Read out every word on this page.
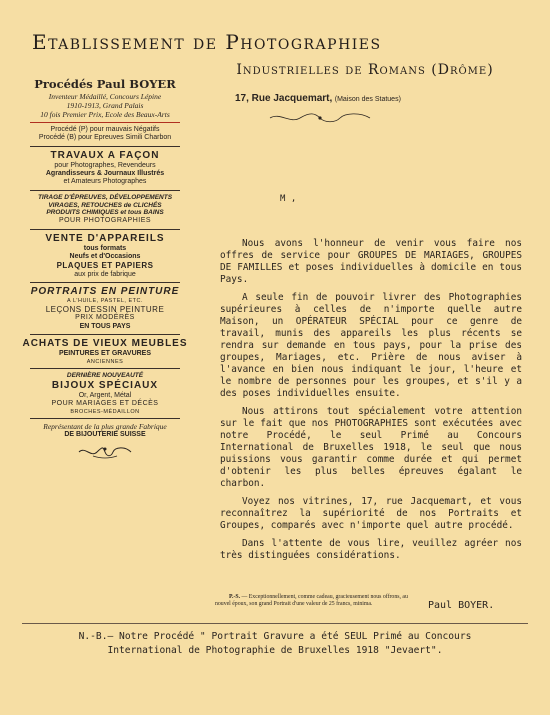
Etablissement de Photographies
Industrielles de Romans (Drôme)
17, Rue Jacquemart, (Maison des Statues)

Procédés Paul BOYER

Inventeur Médaillé, Concours Lépine

1910-1913, Grand Palais

10 fois Premier Prix, Ecole des Beaux-Arts

Procédé (P) pour mauvais Négatifs

Procédé (B) pour Epreuves Simili Charbon

TRAVAUX A FAÇON

pour Photographes, Revendeurs

Agrandisseurs & Journaux Illustrés

et Amateurs Photographes

TIRAGE D'ÉPREUVES, DÉVELOPPEMENTS

VIRAGES, RETOUCHES de CLICHÉS

PRODUITS CHIMIQUES et tous BAINS

POUR PHOTOGRAPHIES

VENTE D'APPAREILS

tous formats

Neufs et d'Occasions

PLAQUES ET PAPIERS

aux prix de fabrique

PORTRAITS EN PEINTURE

A L'HUILE, PASTEL, ETC.

LEÇONS DESSIN PEINTURE

PRIX MODÉRÉS

EN TOUS PAYS

ACHATS DE VIEUX MEUBLES

PEINTURES ET GRAVURES

ANCIENNES

DERNIÈRE NOUVEAUTÉ

BIJOUX SPÉCIAUX

Or, Argent, Métal

POUR MARIAGES ET DÉCÈS

BROCHES-MÉDAILLON

Représentant de la plus grande Fabrique

DE BIJOUTERIE SUISSE

M ,

Nous avons l'honneur de venir vous faire nos offres de service pour GROUPES DE MARIAGES, GROUPES DE FAMILLES et poses individuelles à domicile en tous Pays.

A seule fin de pouvoir livrer des Photographies supérieures à celles de n'importe quelle autre Maison, un OPÉRATEUR SPÉCIAL pour ce genre de travail, munis des appareils les plus récents se rendra sur demande en tous pays, pour la prise des groupes, Mariages, etc. Prière de nous aviser à l'avance en bien nous indiquant le jour, l'heure et le nombre de personnes pour les groupes, et s'il y a des poses individuelles ensuite.

Nous attirons tout spécialement votre attention sur le fait que nos PHOTOGRAPHIES sont exécutées avec notre Procédé, le seul Primé au Concours International de Bruxelles 1918, le seul que nous puissions vous garantir comme durée et qui permet d'obtenir les plus belles épreuves égalant le charbon.

Voyez nos vitrines, 17, rue Jacquemart, et vous reconnaîtrez la supériorité de nos Portraits et Groupes, comparés avec n'importe quel autre procédé.

Dans l'attente de vous lire, veuillez agréer nos très distinguées considérations.

P.-S. — Exceptionnellement, comme cadeau, gracieusement nous offrons, au nouvel époux, son grand Portrait d'une valeur de 25 francs, minima.	Paul BOYER.
N.-B.— Notre Procédé " Portrait Gravure a été SEUL Primé au Concours
International de Photographie de Bruxelles 1918 "Jevaert".
